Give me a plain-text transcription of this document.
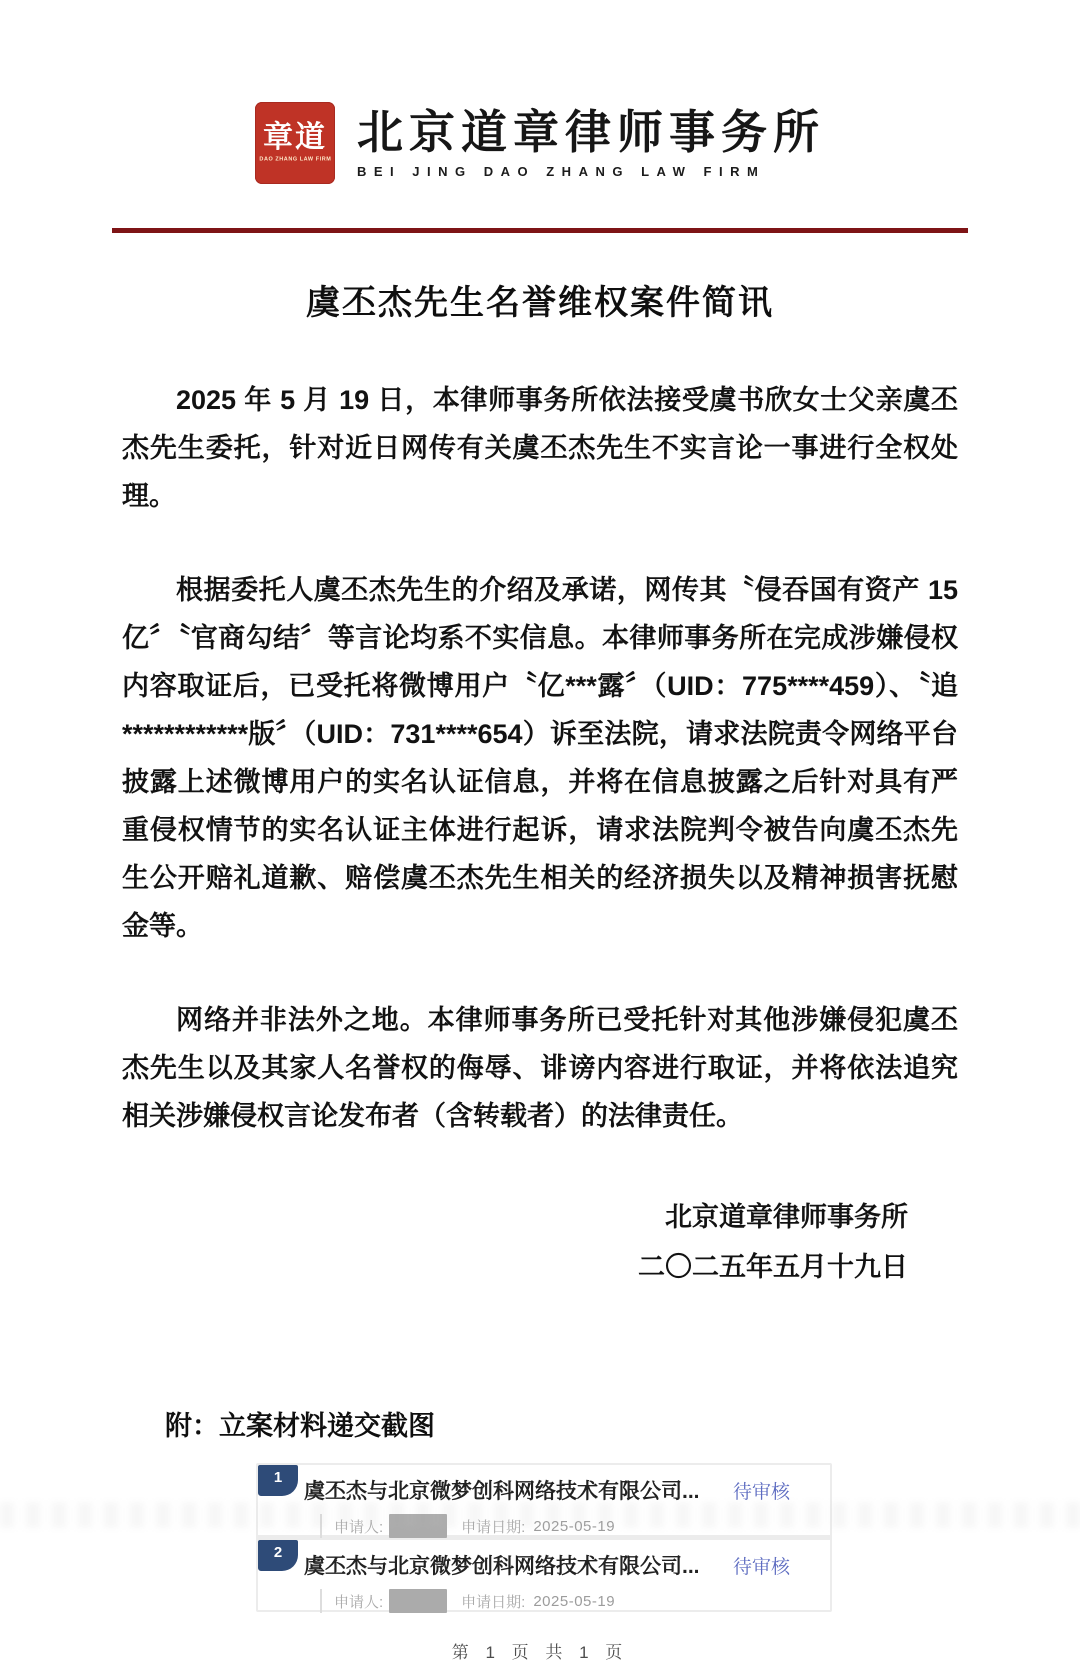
章道
DAO ZHANG LAW FIRM 北京道章律师事务所
BEI JING DAO ZHANG LAW FIRM
虞丕杰先生名誉维权案件简讯

2025 年 5 月 19 日，本律师事务所依法接受虞书欣女士父亲虞丕杰先生委托，针对近日网传有关虞丕杰先生不实言论一事进行全权处理。

根据委托人虞丕杰先生的介绍及承诺，网传其〝侵吞国有资产 15 亿〞〝官商勾结〞等言论均系不实信息。本律师事务所在完成涉嫌侵权内容取证后，已受托将微博用户〝亿***露〞（UID：775****459）、〝追************版〞（UID：731****654）诉至法院，请求法院责令网络平台披露上述微博用户的实名认证信息，并将在信息披露之后针对具有严重侵权情节的实名认证主体进行起诉，请求法院判令被告向虞丕杰先生公开赔礼道歉、赔偿虞丕杰先生相关的经济损失以及精神损害抚慰金等。

网络并非法外之地。本律师事务所已受托针对其他涉嫌侵犯虞丕杰先生以及其家人名誉权的侮辱、诽谤内容进行取证，并将依法追究相关涉嫌侵权言论发布者（含转载者）的法律责任。

北京道章律师事务所
二〇二五年五月十九日
附：立案材料递交截图
1
虞丕杰与北京微梦创科网络技术有限公司...	待审核
申请人:	申请日期: 2025-05-19
2
虞丕杰与北京微梦创科网络技术有限公司...	待审核
申请人:	申请日期: 2025-05-19
第 1 页 共 1 页
